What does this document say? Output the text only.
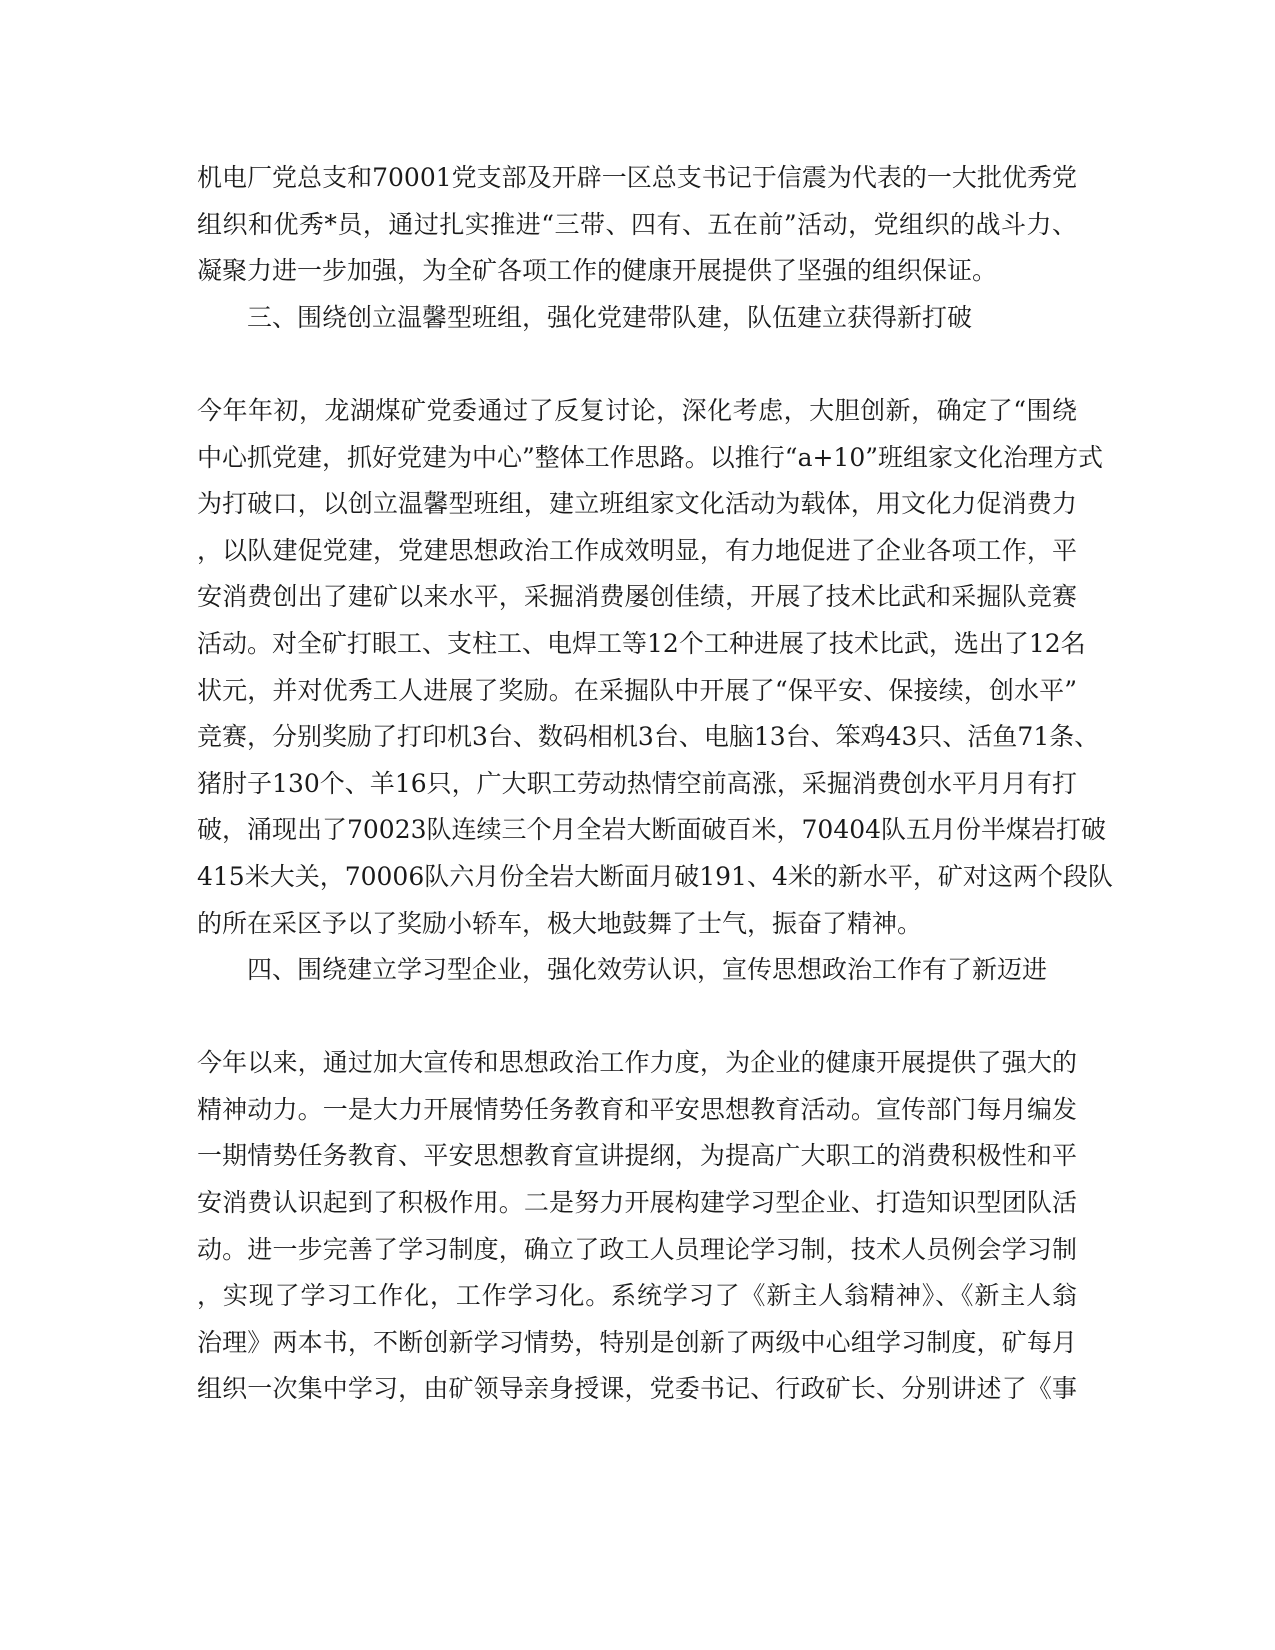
机电厂党总支和70001党支部及开辟一区总支书记于信震为代表的一大批优秀党
组织和优秀*员，通过扎实推进“三带、四有、五在前”活动，党组织的战斗力、
凝聚力进一步加强，为全矿各项工作的健康开展提供了坚强的组织保证。
三、围绕创立温馨型班组，强化党建带队建，队伍建立获得新打破
今年年初，龙湖煤矿党委通过了反复讨论，深化考虑，大胆创新，确定了“围绕
中心抓党建，抓好党建为中心”整体工作思路。以推行“a+10”班组家文化治理方式
为打破口，以创立温馨型班组，建立班组家文化活动为载体，用文化力促消费力
，以队建促党建，党建思想政治工作成效明显，有力地促进了企业各项工作，平
安消费创出了建矿以来水平，采掘消费屡创佳绩，开展了技术比武和采掘队竞赛
活动。对全矿打眼工、支柱工、电焊工等12个工种进展了技术比武，选出了12名
状元，并对优秀工人进展了奖励。在采掘队中开展了“保平安、保接续，创水平”
竞赛，分别奖励了打印机3台、数码相机3台、电脑13台、笨鸡43只、活鱼71条、
猪肘子130个、羊16只，广大职工劳动热情空前高涨，采掘消费创水平月月有打
破，涌现出了70023队连续三个月全岩大断面破百米，70404队五月份半煤岩打破
415米大关，70006队六月份全岩大断面月破191、4米的新水平，矿对这两个段队
的所在采区予以了奖励小轿车，极大地鼓舞了士气，振奋了精神。
四、围绕建立学习型企业，强化效劳认识，宣传思想政治工作有了新迈进
今年以来，通过加大宣传和思想政治工作力度，为企业的健康开展提供了强大的
精神动力。一是大力开展情势任务教育和平安思想教育活动。宣传部门每月编发
一期情势任务教育、平安思想教育宣讲提纲，为提高广大职工的消费积极性和平
安消费认识起到了积极作用。二是努力开展构建学习型企业、打造知识型团队活
动。进一步完善了学习制度，确立了政工人员理论学习制，技术人员例会学习制
，实现了学习工作化，工作学习化。系统学习了《新主人翁精神》、《新主人翁
治理》两本书，不断创新学习情势，特别是创新了两级中心组学习制度，矿每月
组织一次集中学习，由矿领导亲身授课，党委书记、行政矿长、分别讲述了《事
